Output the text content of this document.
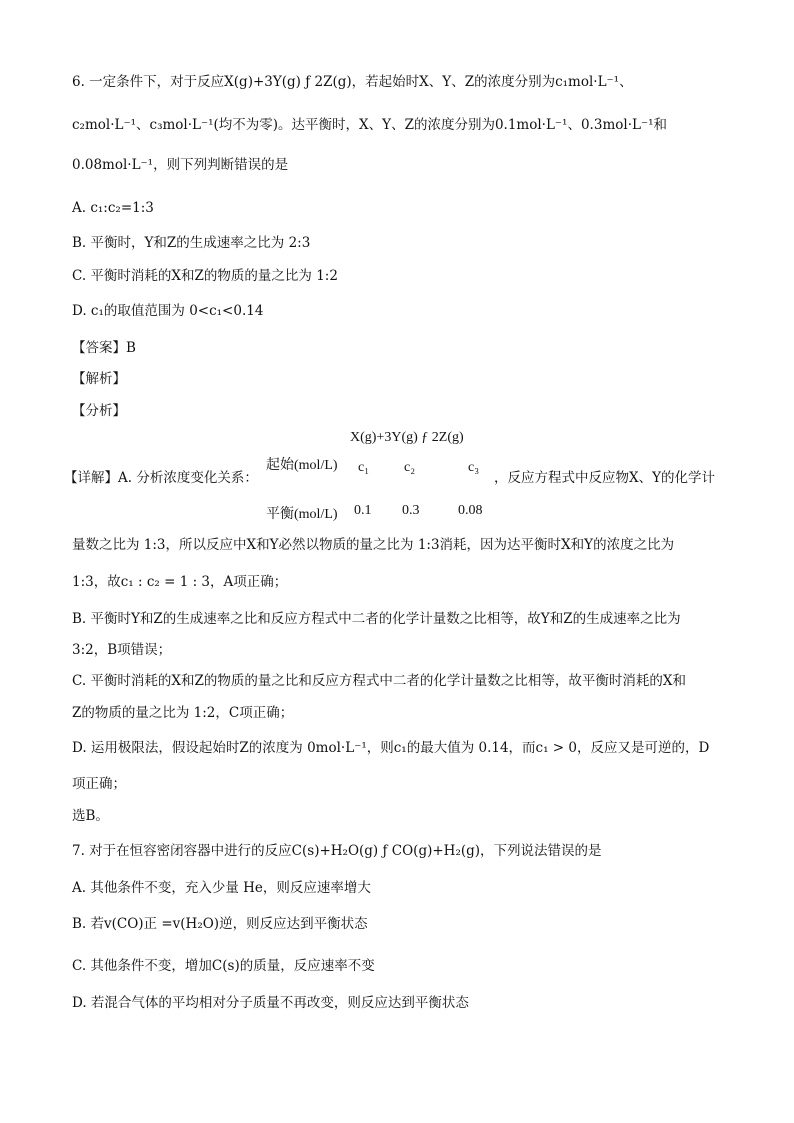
6. 一定条件下，对于反应X(g)+3Y(g) ƒ 2Z(g)，若起始时X、Y、Z的浓度分别为c₁mol·L⁻¹、
c₂mol·L⁻¹、c₃mol·L⁻¹(均不为零)。达平衡时，X、Y、Z的浓度分别为0.1mol·L⁻¹、0.3mol·L⁻¹和
0.08mol·L⁻¹，则下列判断错误的是
A. c₁:c₂=1:3
B. 平衡时，Y和Z的生成速率之比为 2:3
C. 平衡时消耗的X和Z的物质的量之比为 1:2
D. c₁的取值范围为 0<c₁<0.14
【答案】B
【解析】
【分析】
【详解】A. 分析浓度变化关系：
X(g)+3Y(g) ƒ 2Z(g)
起始(mol/L) c₁ c₂	c₃
平衡(mol/L) 0.1 0.3	0.08
，反应方程式中反应物X、Y的化学计
量数之比为 1:3，所以反应中X和Y必然以物质的量之比为 1:3消耗，因为达平衡时X和Y的浓度之比为
1:3，故c₁ : c₂ = 1 : 3，A项正确；
B. 平衡时Y和Z的生成速率之比和反应方程式中二者的化学计量数之比相等，故Y和Z的生成速率之比为
3:2，B项错误；
C. 平衡时消耗的X和Z的物质的量之比和反应方程式中二者的化学计量数之比相等，故平衡时消耗的X和
Z的物质的量之比为 1:2，C项正确；
D. 运用极限法，假设起始时Z的浓度为 0mol·L⁻¹，则c₁的最大值为 0.14，而c₁ > 0，反应又是可逆的，D
项正确；
选B。
7. 对于在恒容密闭容器中进行的反应C(s)+H₂O(g) ƒ CO(g)+H₂(g)，下列说法错误的是
A. 其他条件不变，充入少量 He，则反应速率增大
B. 若v(CO)正 =v(H₂O)逆，则反应达到平衡状态
C. 其他条件不变，增加C(s)的质量，反应速率不变
D. 若混合气体的平均相对分子质量不再改变，则反应达到平衡状态
